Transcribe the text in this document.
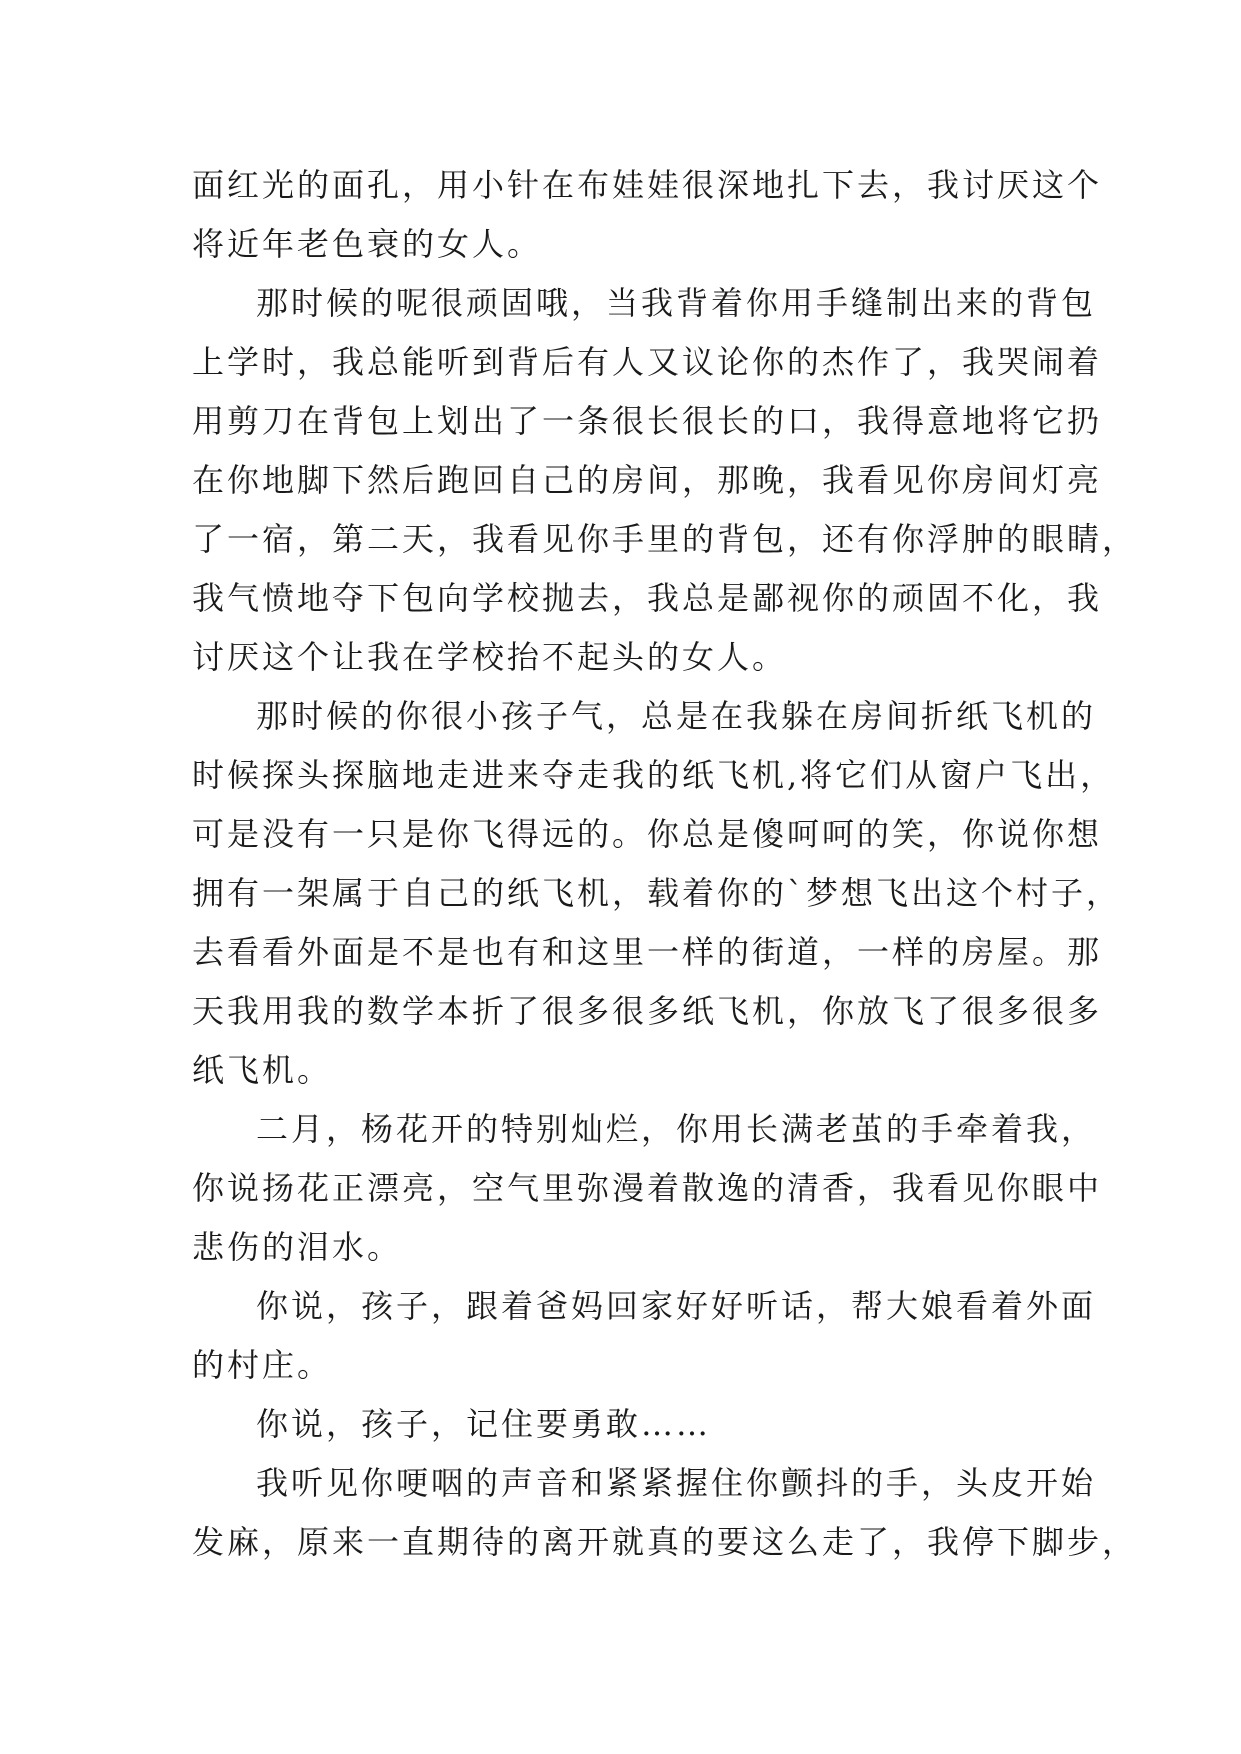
面红光的面孔，用小针在布娃娃很深地扎下去，我讨厌这个
将近年老色衰的女人。
那时候的呢很顽固哦，当我背着你用手缝制出来的背包
上学时，我总能听到背后有人又议论你的杰作了，我哭闹着
用剪刀在背包上划出了一条很长很长的口，我得意地将它扔
在你地脚下然后跑回自己的房间，那晚，我看见你房间灯亮
了一宿，第二天，我看见你手里的背包，还有你浮肿的眼睛，
我气愤地夺下包向学校抛去，我总是鄙视你的顽固不化，我
讨厌这个让我在学校抬不起头的女人。
那时候的你很小孩子气，总是在我躲在房间折纸飞机的
时候探头探脑地走进来夺走我的纸飞机,将它们从窗户飞出，
可是没有一只是你飞得远的。你总是傻呵呵的笑，你说你想
拥有一架属于自己的纸飞机，载着你的`梦想飞出这个村子，
去看看外面是不是也有和这里一样的街道，一样的房屋。那
天我用我的数学本折了很多很多纸飞机，你放飞了很多很多
纸飞机。
二月，杨花开的特别灿烂，你用长满老茧的手牵着我，
你说扬花正漂亮，空气里弥漫着散逸的清香，我看见你眼中
悲伤的泪水。
你说，孩子，跟着爸妈回家好好听话，帮大娘看着外面
的村庄。
你说，孩子，记住要勇敢……
我听见你哽咽的声音和紧紧握住你颤抖的手，头皮开始
发麻，原来一直期待的离开就真的要这么走了，我停下脚步，
